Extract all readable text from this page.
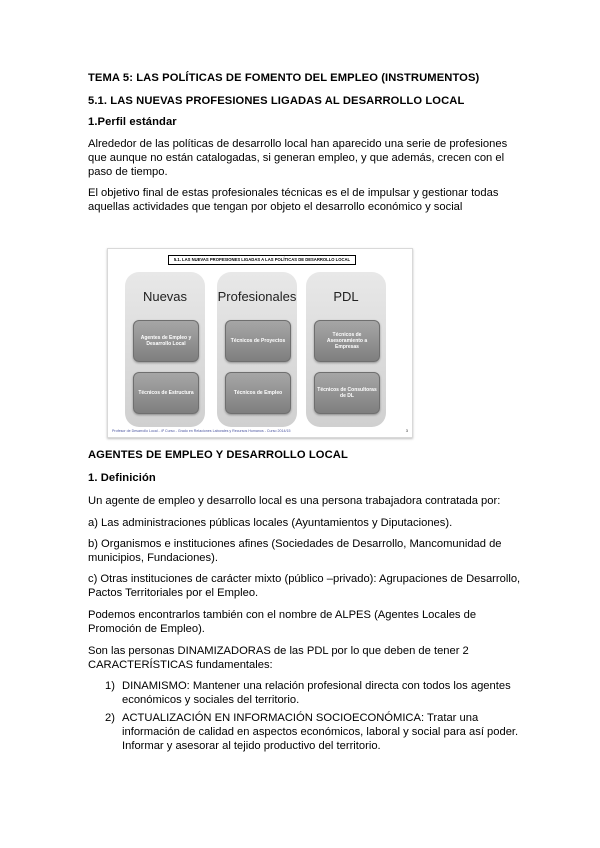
TEMA 5: LAS POLÍTICAS DE FOMENTO DEL EMPLEO (INSTRUMENTOS)

5.1. LAS NUEVAS PROFESIONES LIGADAS AL DESARROLLO LOCAL

1.Perfil estándar

Alrededor de las políticas de desarrollo local han aparecido una serie de profesiones que aunque no están catalogadas, si generan empleo, y que además, crecen con el paso de tiempo.

El objetivo final de estas profesionales técnicas es el de impulsar y gestionar todas aquellas actividades que tengan por objeto el desarrollo económico y social

5.1. LAS NUEVAS PROFESIONES LIGADAS A LAS POLÍTICAS DE DESARROLLO LOCAL
Nuevas
Agentes de Empleo y Desarrollo Local
Técnicos de Estructura
Profesionales
Técnicos de Proyectos
Técnicos de Empleo
PDL
Técnicos de Asesoramiento a Empresas
Técnicos de Consultoras de DL
Profesor de Desarrollo Local - 4º Curso - Grado en Relaciones Laborales y Recursos Humanos - Curso 2014/15	3

AGENTES DE EMPLEO Y DESARROLLO LOCAL

1. Definición

Un agente de empleo y desarrollo local es una persona trabajadora contratada por:

a) Las administraciones públicas locales (Ayuntamientos y Diputaciones).

b) Organismos e instituciones afines (Sociedades de Desarrollo, Mancomunidad de municipios, Fundaciones).

c) Otras instituciones de carácter mixto (público –privado): Agrupaciones de Desarrollo, Pactos Territoriales por el Empleo.

Podemos encontrarlos también con el nombre de ALPES (Agentes Locales de Promoción de Empleo).

Son las personas DINAMIZADORAS de las PDL por lo que deben de tener 2 CARACTERÍSTICAS fundamentales:

1) DINAMISMO: Mantener una relación profesional directa con todos los agentes económicos y sociales del territorio.
2) ACTUALIZACIÓN EN INFORMACIÓN SOCIOECONÓMICA: Tratar una información de calidad en aspectos económicos, laboral y social para así poder. Informar y asesorar al tejido productivo del territorio.
